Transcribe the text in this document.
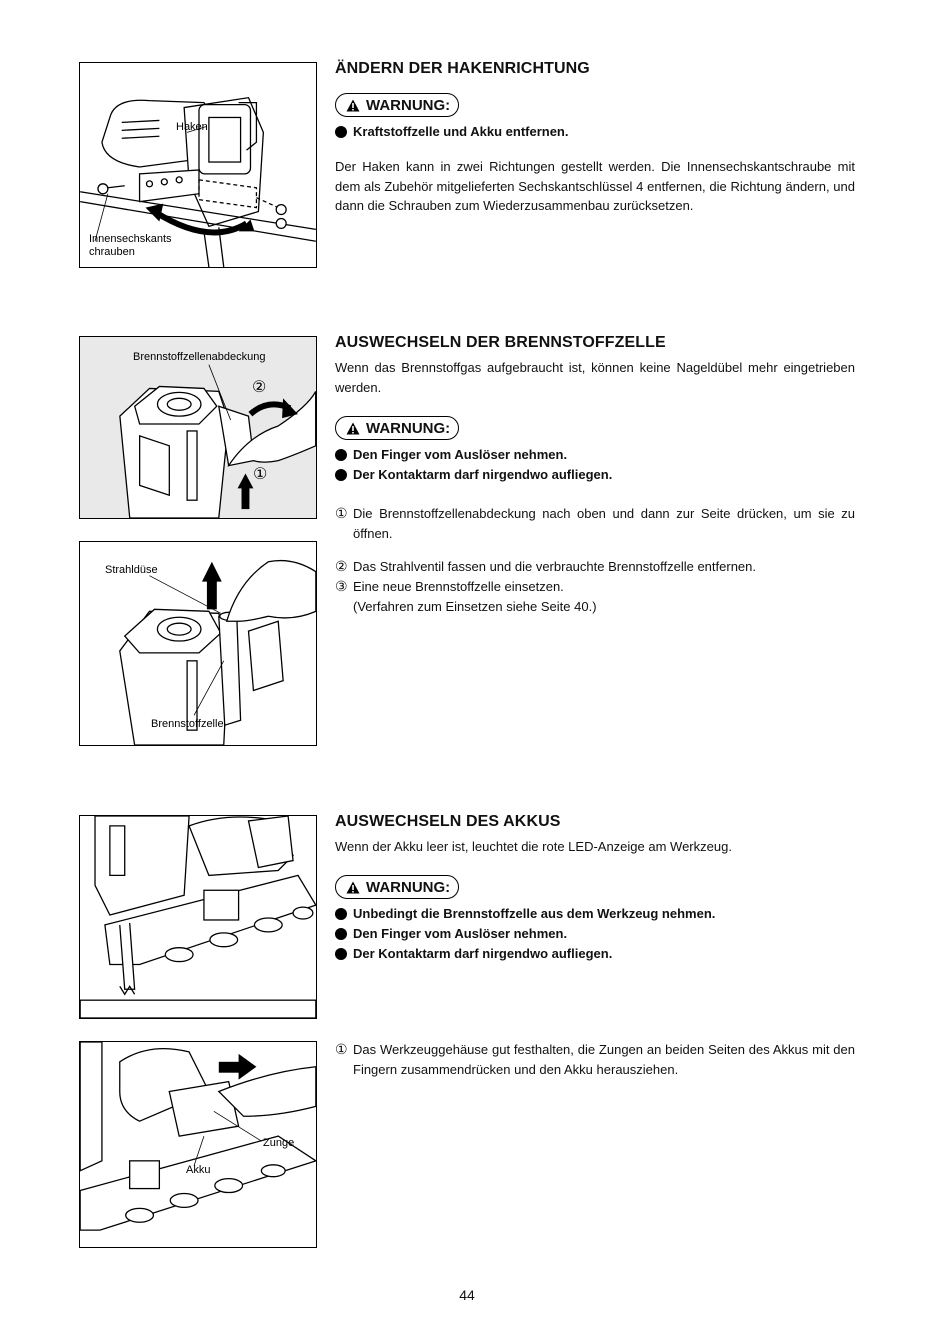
Haken
Innensechskants
chrauben
ÄNDERN DER HAKENRICHTUNG
WARNUNG:
Kraftstoffzelle und Akku entfernen.

Der Haken kann in zwei Richtungen gestellt werden. Die Innensechskantschraube mit dem als Zubehör mitgelieferten Sechskantschlüssel 4 entfernen, die Richtung ändern, und dann die Schrauben zum Wiederzusammenbau zurücksetzen.

Brennstoffzellenabdeckung
②
①
Strahldüse
Brennstoffzelle
AUSWECHSELN DER BRENNSTOFFZELLE

Wenn das Brennstoffgas aufgebraucht ist, können keine Nageldübel mehr eingetrieben werden.

WARNUNG:
Den Finger vom Auslöser nehmen.
Der Kontaktarm darf nirgendwo aufliegen.
① Die Brennstoffzellenabdeckung nach oben und dann zur Seite drücken, um sie zu öffnen.
② Das Strahlventil fassen und die verbrauchte Brennstoffzelle entfernen.
③ Eine neue Brennstoffzelle einsetzen.
(Verfahren zum Einsetzen siehe Seite 40.)
Zunge
Akku
AUSWECHSELN DES AKKUS

Wenn der Akku leer ist, leuchtet die rote LED-Anzeige am Werkzeug.

WARNUNG:
Unbedingt die Brennstoffzelle aus dem Werkzeug nehmen.
Den Finger vom Auslöser nehmen.
Der Kontaktarm darf nirgendwo aufliegen.
① Das Werkzeuggehäuse gut festhalten, die Zungen an beiden Seiten des Akkus mit den Fingern zusammendrücken und den Akku herausziehen.
44
